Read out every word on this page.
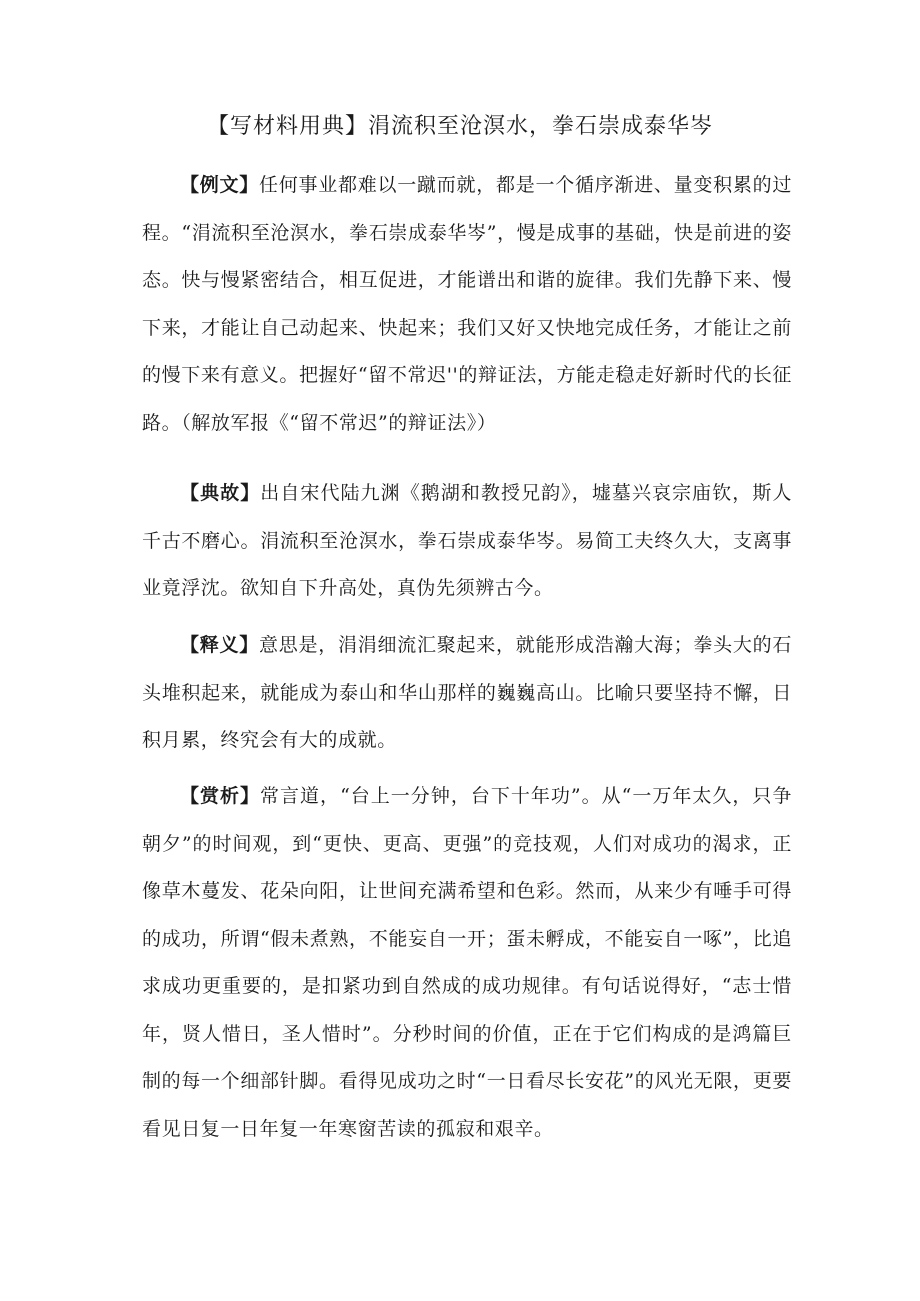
【写材料用典】涓流积至沧溟水，拳石崇成泰华岑

【例文】任何事业都难以一蹴而就，都是一个循序渐进、量变积累的过程。“涓流积至沧溟水，拳石崇成泰华岑”，慢是成事的基础，快是前进的姿态。快与慢紧密结合，相互促进，才能谱出和谐的旋律。我们先静下来、慢下来，才能让自己动起来、快起来；我们又好又快地完成任务，才能让之前的慢下来有意义。把握好“留不常迟''的辩证法，方能走稳走好新时代的长征路。（解放军报《“留不常迟”的辩证法》）

【典故】出自宋代陆九渊《鹅湖和教授兄韵》，墟墓兴哀宗庙钦，斯人千古不磨心。涓流积至沧溟水，拳石崇成泰华岑。易简工夫终久大，支离事业竟浮沈。欲知自下升高处，真伪先须辨古今。

【释义】意思是，涓涓细流汇聚起来，就能形成浩瀚大海；拳头大的石头堆积起来，就能成为泰山和华山那样的巍巍高山。比喻只要坚持不懈，日积月累，终究会有大的成就。

【赏析】常言道，“台上一分钟，台下十年功”。从“一万年太久，只争朝夕”的时间观，到“更快、更高、更强”的竞技观，人们对成功的渴求，正像草木蔓发、花朵向阳，让世间充满希望和色彩。然而，从来少有唾手可得的成功，所谓“假未煮熟，不能妄自一开；蛋未孵成，不能妄自一啄”，比追求成功更重要的，是扣紧功到自然成的成功规律。有句话说得好，“志士惜年，贤人惜日，圣人惜时”。分秒时间的价值，正在于它们构成的是鸿篇巨制的每一个细部针脚。看得见成功之时“一日看尽长安花”的风光无限，更要看见日复一日年复一年寒窗苦读的孤寂和艰辛。
